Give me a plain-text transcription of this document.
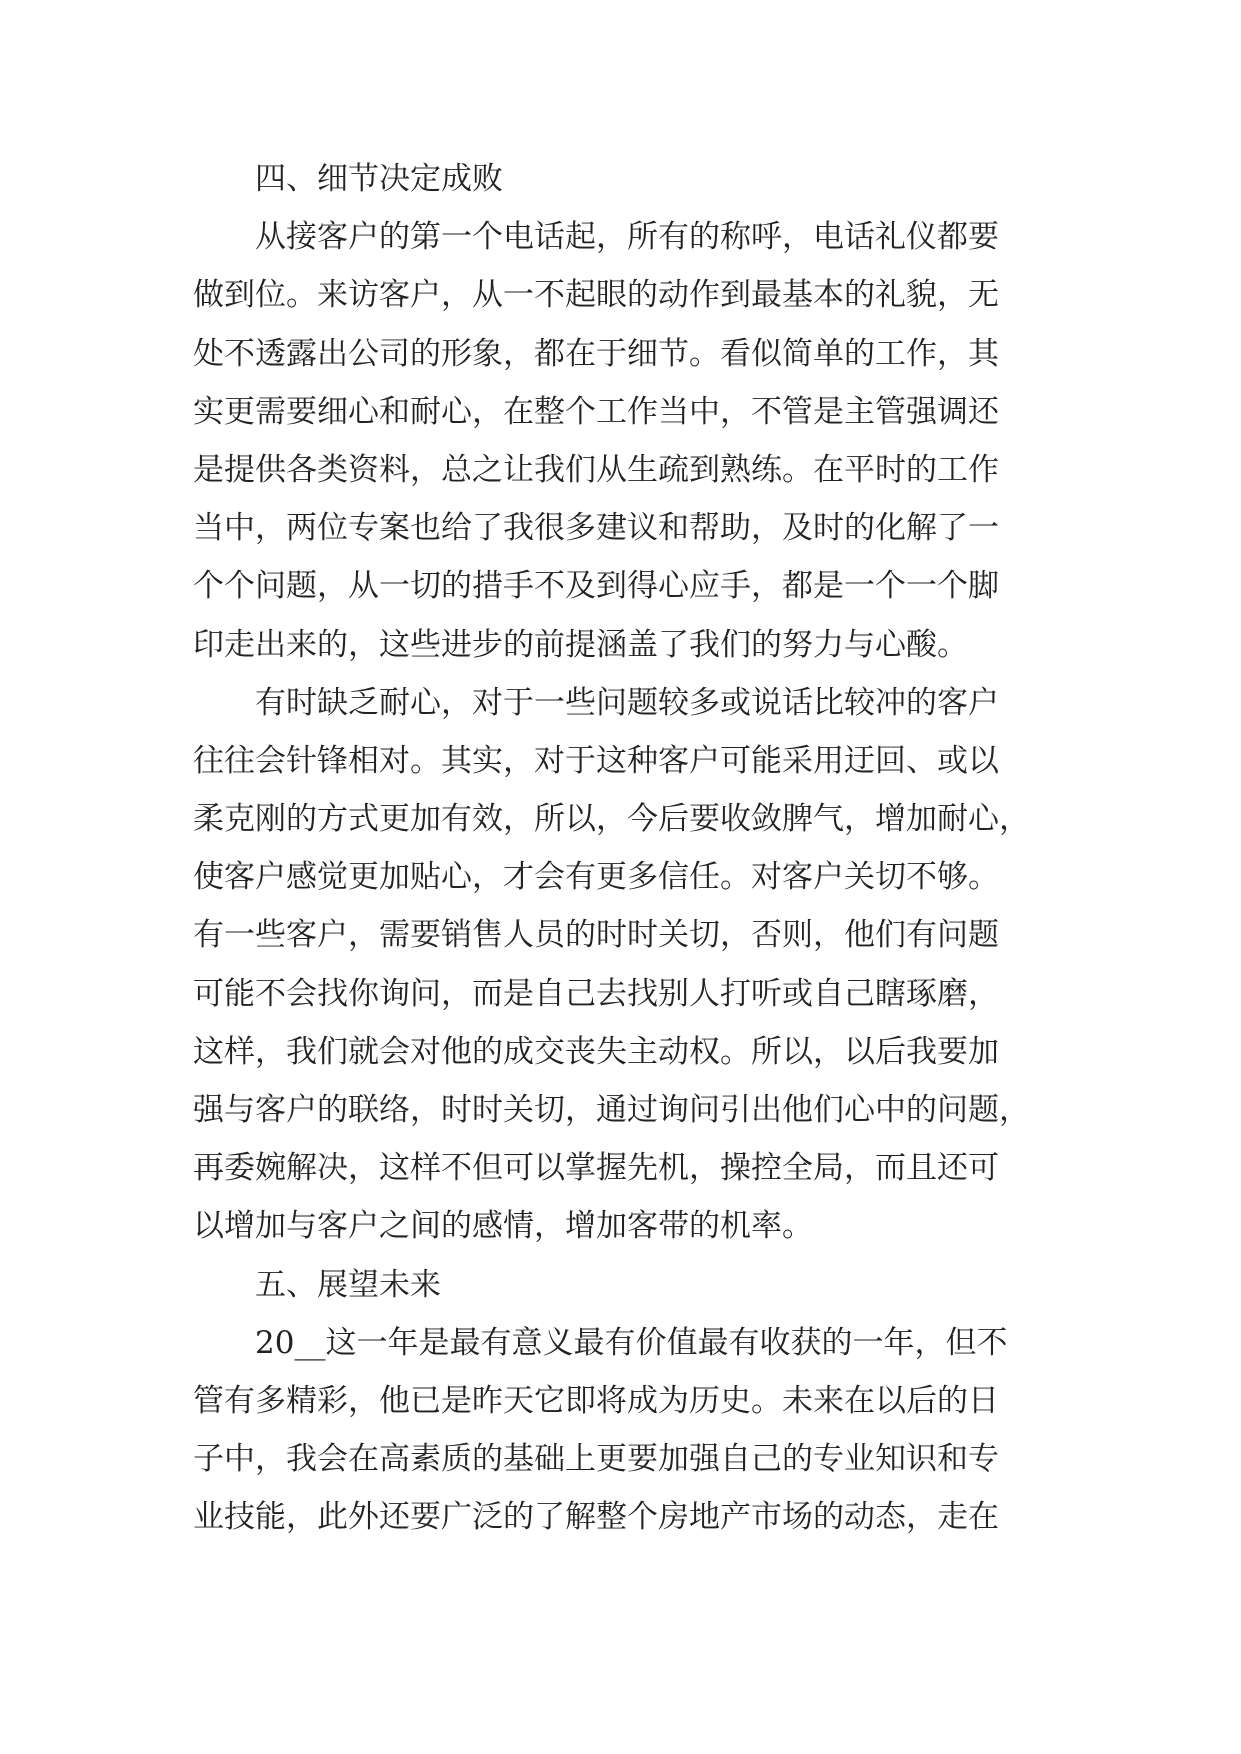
四、细节决定成败
从接客户的第一个电话起，所有的称呼，电话礼仪都要
做到位。来访客户，从一不起眼的动作到最基本的礼貌，无
处不透露出公司的形象，都在于细节。看似简单的工作，其
实更需要细心和耐心，在整个工作当中，不管是主管强调还
是提供各类资料，总之让我们从生疏到熟练。在平时的工作
当中，两位专案也给了我很多建议和帮助，及时的化解了一
个个问题，从一切的措手不及到得心应手，都是一个一个脚
印走出来的，这些进步的前提涵盖了我们的努力与心酸。
有时缺乏耐心，对于一些问题较多或说话比较冲的客户
往往会针锋相对。其实，对于这种客户可能采用迂回、或以
柔克刚的方式更加有效，所以，今后要收敛脾气，增加耐心，
使客户感觉更加贴心，才会有更多信任。对客户关切不够。
有一些客户，需要销售人员的时时关切，否则，他们有问题
可能不会找你询问，而是自己去找别人打听或自己瞎琢磨，
这样，我们就会对他的成交丧失主动权。所以，以后我要加
强与客户的联络，时时关切，通过询问引出他们心中的问题，
再委婉解决，这样不但可以掌握先机，操控全局，而且还可
以增加与客户之间的感情，增加客带的机率。
五、展望未来
20__这一年是最有意义最有价值最有收获的一年，但不
管有多精彩，他已是昨天它即将成为历史。未来在以后的日
子中，我会在高素质的基础上更要加强自己的专业知识和专
业技能，此外还要广泛的了解整个房地产市场的动态，走在
